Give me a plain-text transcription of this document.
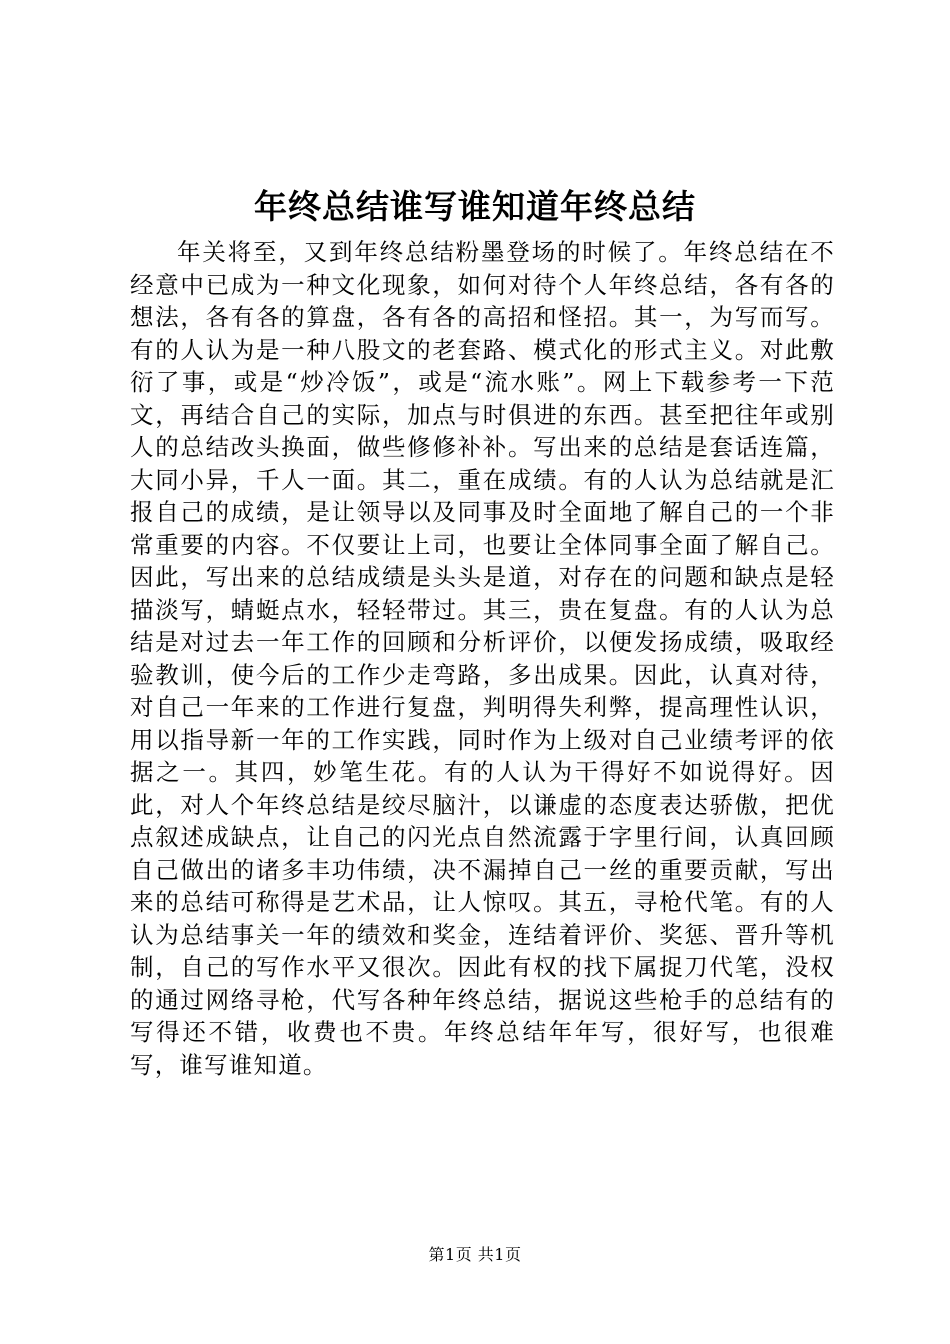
年终总结谁写谁知道年终总结

年关将至，又到年终总结粉墨登场的时候了。年终总结在不经意中已成为一种文化现象，如何对待个人年终总结，各有各的想法，各有各的算盘，各有各的高招和怪招。其一，为写而写。有的人认为是一种八股文的老套路、模式化的形式主义。对此敷衍了事，或是“炒冷饭”，或是“流水账”。网上下载参考一下范文，再结合自己的实际，加点与时俱进的东西。甚至把往年或别人的总结改头换面，做些修修补补。写出来的总结是套话连篇，大同小异，千人一面。其二，重在成绩。有的人认为总结就是汇报自己的成绩，是让领导以及同事及时全面地了解自己的一个非常重要的内容。不仅要让上司，也要让全体同事全面了解自己。因此，写出来的总结成绩是头头是道，对存在的问题和缺点是轻描淡写，蜻蜓点水，轻轻带过。其三，贵在复盘。有的人认为总结是对过去一年工作的回顾和分析评价，以便发扬成绩，吸取经验教训，使今后的工作少走弯路，多出成果。因此，认真对待，对自己一年来的工作进行复盘，判明得失利弊，提高理性认识，用以指导新一年的工作实践，同时作为上级对自己业绩考评的依据之一。其四，妙笔生花。有的人认为干得好不如说得好。因此，对人个年终总结是绞尽脑汁，以谦虚的态度表达骄傲，把优点叙述成缺点，让自己的闪光点自然流露于字里行间，认真回顾自己做出的诸多丰功伟绩，决不漏掉自己一丝的重要贡献，写出来的总结可称得是艺术品，让人惊叹。其五，寻枪代笔。有的人认为总结事关一年的绩效和奖金，连结着评价、奖惩、晋升等机制，自己的写作水平又很次。因此有权的找下属捉刀代笔，没权的通过网络寻枪，代写各种年终总结，据说这些枪手的总结有的写得还不错，收费也不贵。年终总结年年写，很好写，也很难写，谁写谁知道。

第1页 共1页
